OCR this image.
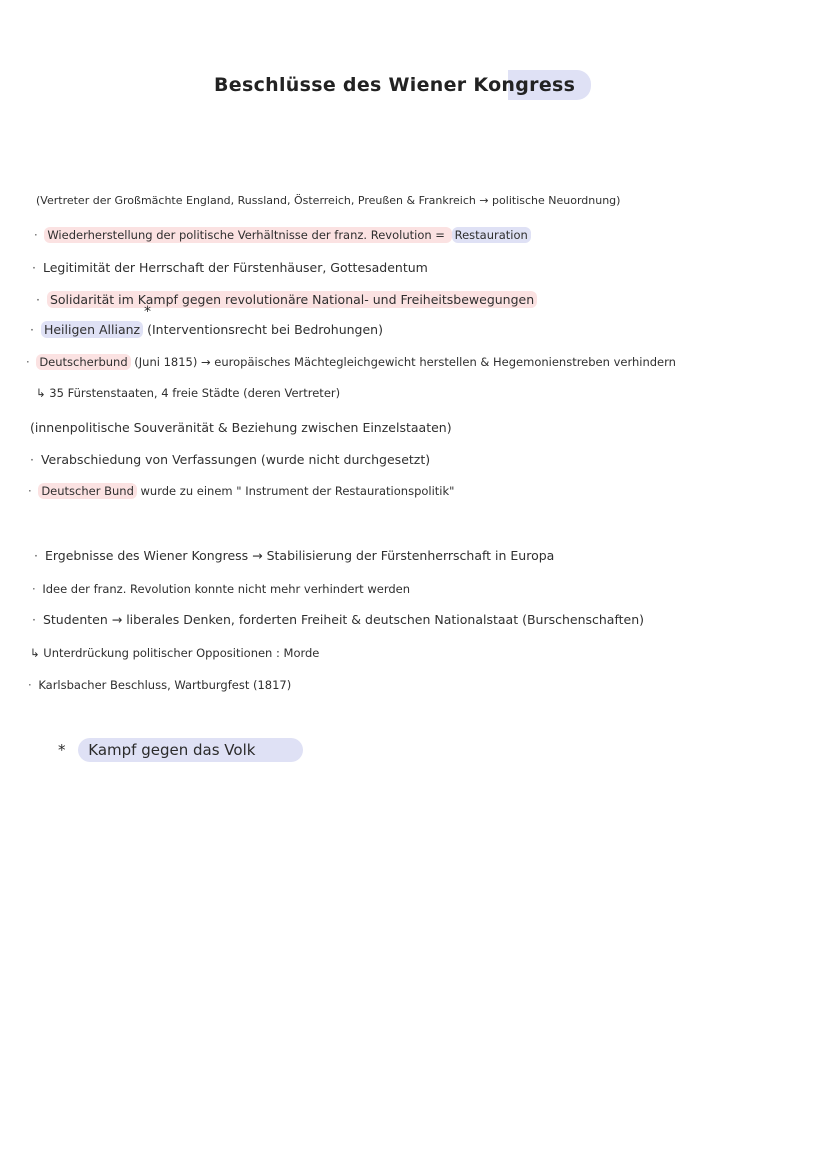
Beschlüsse des Wiener Kongress
(Vertreter der Großmächte England, Russland, Österreich, Preußen & Frankreich → politische Neuordnung)
· Wiederherstellung der politische Verhältnisse der franz. Revolution = Restauration
· Legitimität der Herrschaft der Fürstenhäuser, Gottesadentum
· Solidarität im Kampf gegen revolutionäre National- und Freiheitsbewegungen
*
· Heiligen Allianz (Interventionsrecht bei Bedrohungen)
· Deutscherbund (Juni 1815) → europäisches Mächtegleichgewicht herstellen & Hegemonienstreben verhindern
↳ 35 Fürstenstaaten, 4 freie Städte (deren Vertreter)
(innenpolitische Souveränität & Beziehung zwischen Einzelstaaten)
· Verabschiedung von Verfassungen (wurde nicht durchgesetzt)
· Deutscher Bund wurde zu einem " Instrument der Restaurationspolitik"
· Ergebnisse des Wiener Kongress → Stabilisierung der Fürstenherrschaft in Europa
· Idee der franz. Revolution konnte nicht mehr verhindert werden
· Studenten → liberales Denken, forderten Freiheit & deutschen Nationalstaat (Burschenschaften)
↳ Unterdrückung politischer Oppositionen : Morde
· Karlsbacher Beschluss, Wartburgfest (1817)
* Kampf gegen das Volk
